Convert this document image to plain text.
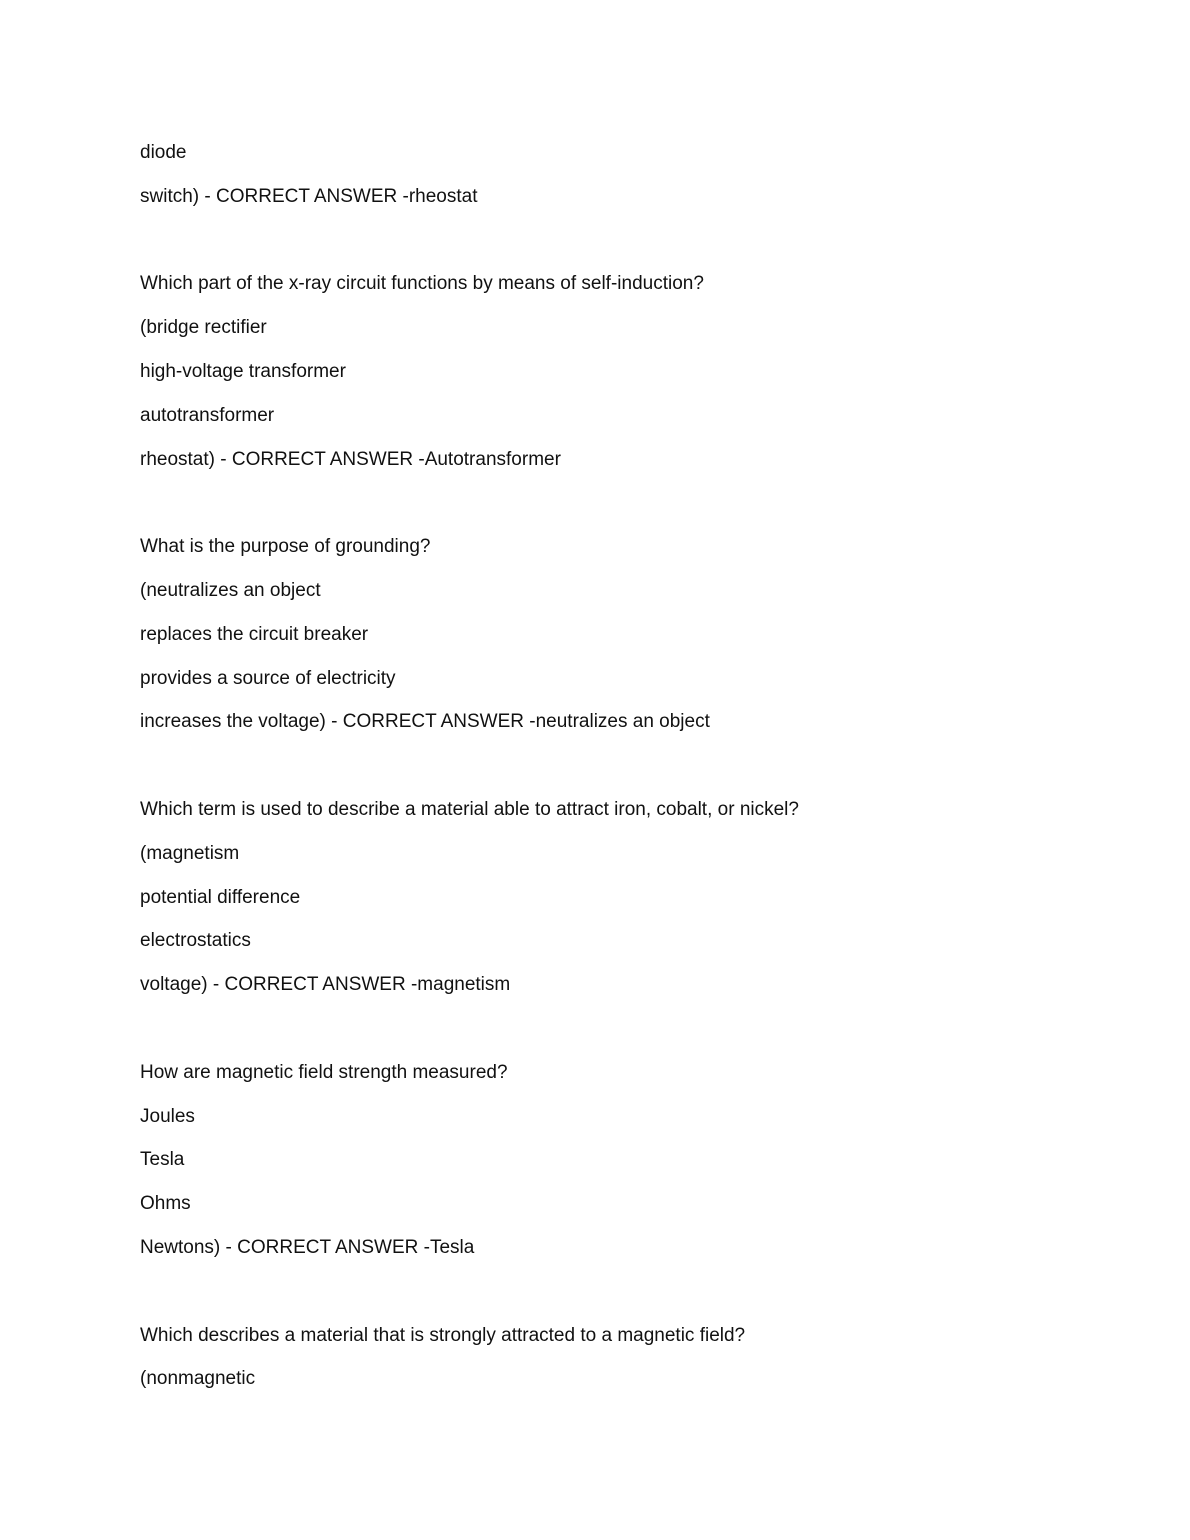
diode
switch) - CORRECT ANSWER -rheostat
Which part of the x-ray circuit functions by means of self-induction?
(bridge rectifier
high-voltage transformer
autotransformer
rheostat) - CORRECT ANSWER -Autotransformer
What is the purpose of grounding?
(neutralizes an object
replaces the circuit breaker
provides a source of electricity
increases the voltage) - CORRECT ANSWER -neutralizes an object
Which term is used to describe a material able to attract iron, cobalt, or nickel?
(magnetism
potential difference
electrostatics
voltage) - CORRECT ANSWER -magnetism
How are magnetic field strength measured?
Joules
Tesla
Ohms
Newtons) - CORRECT ANSWER -Tesla
Which describes a material that is strongly attracted to a magnetic field?
(nonmagnetic
